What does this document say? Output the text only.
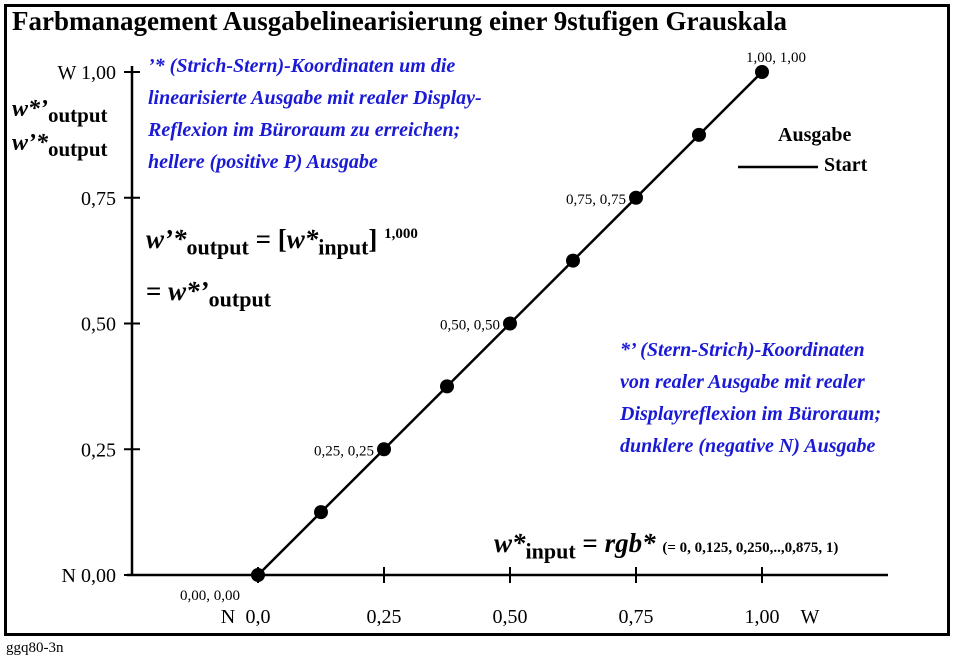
Farbmanagement Ausgabelinearisierung einer 9stufigen Grauskala
0,0	0,25	0,50	0,75	1,00
N	W
N 0,00
0,25
0,50
0,75
W 1,00
0,00, 0,00
0,25, 0,25
0,50, 0,50
0,75, 0,75
1,00, 1,00
$w*’_{output}$
$w’*_{output}$
’* (Strich-Stern)-Koordinaten um die
linearisierte Ausgabe mit realer Display-
Reflexion im Büroraum zu erreichen;
hellere (positive P) Ausgabe
*’ (Stern-Strich)-Koordinaten
von realer Ausgabe mit realer
Displayreflexion im Büroraum;
dunklere (negative N) Ausgabe
$w’*_{output} = [w*_{input}]$ $^{1,000}$
= $w*’_{output}$
$w*_{input} = rgb*$ (= 0, 0,125, 0,250,..,0,875, 1)
Ausgabe
Start
ggq80-3n
